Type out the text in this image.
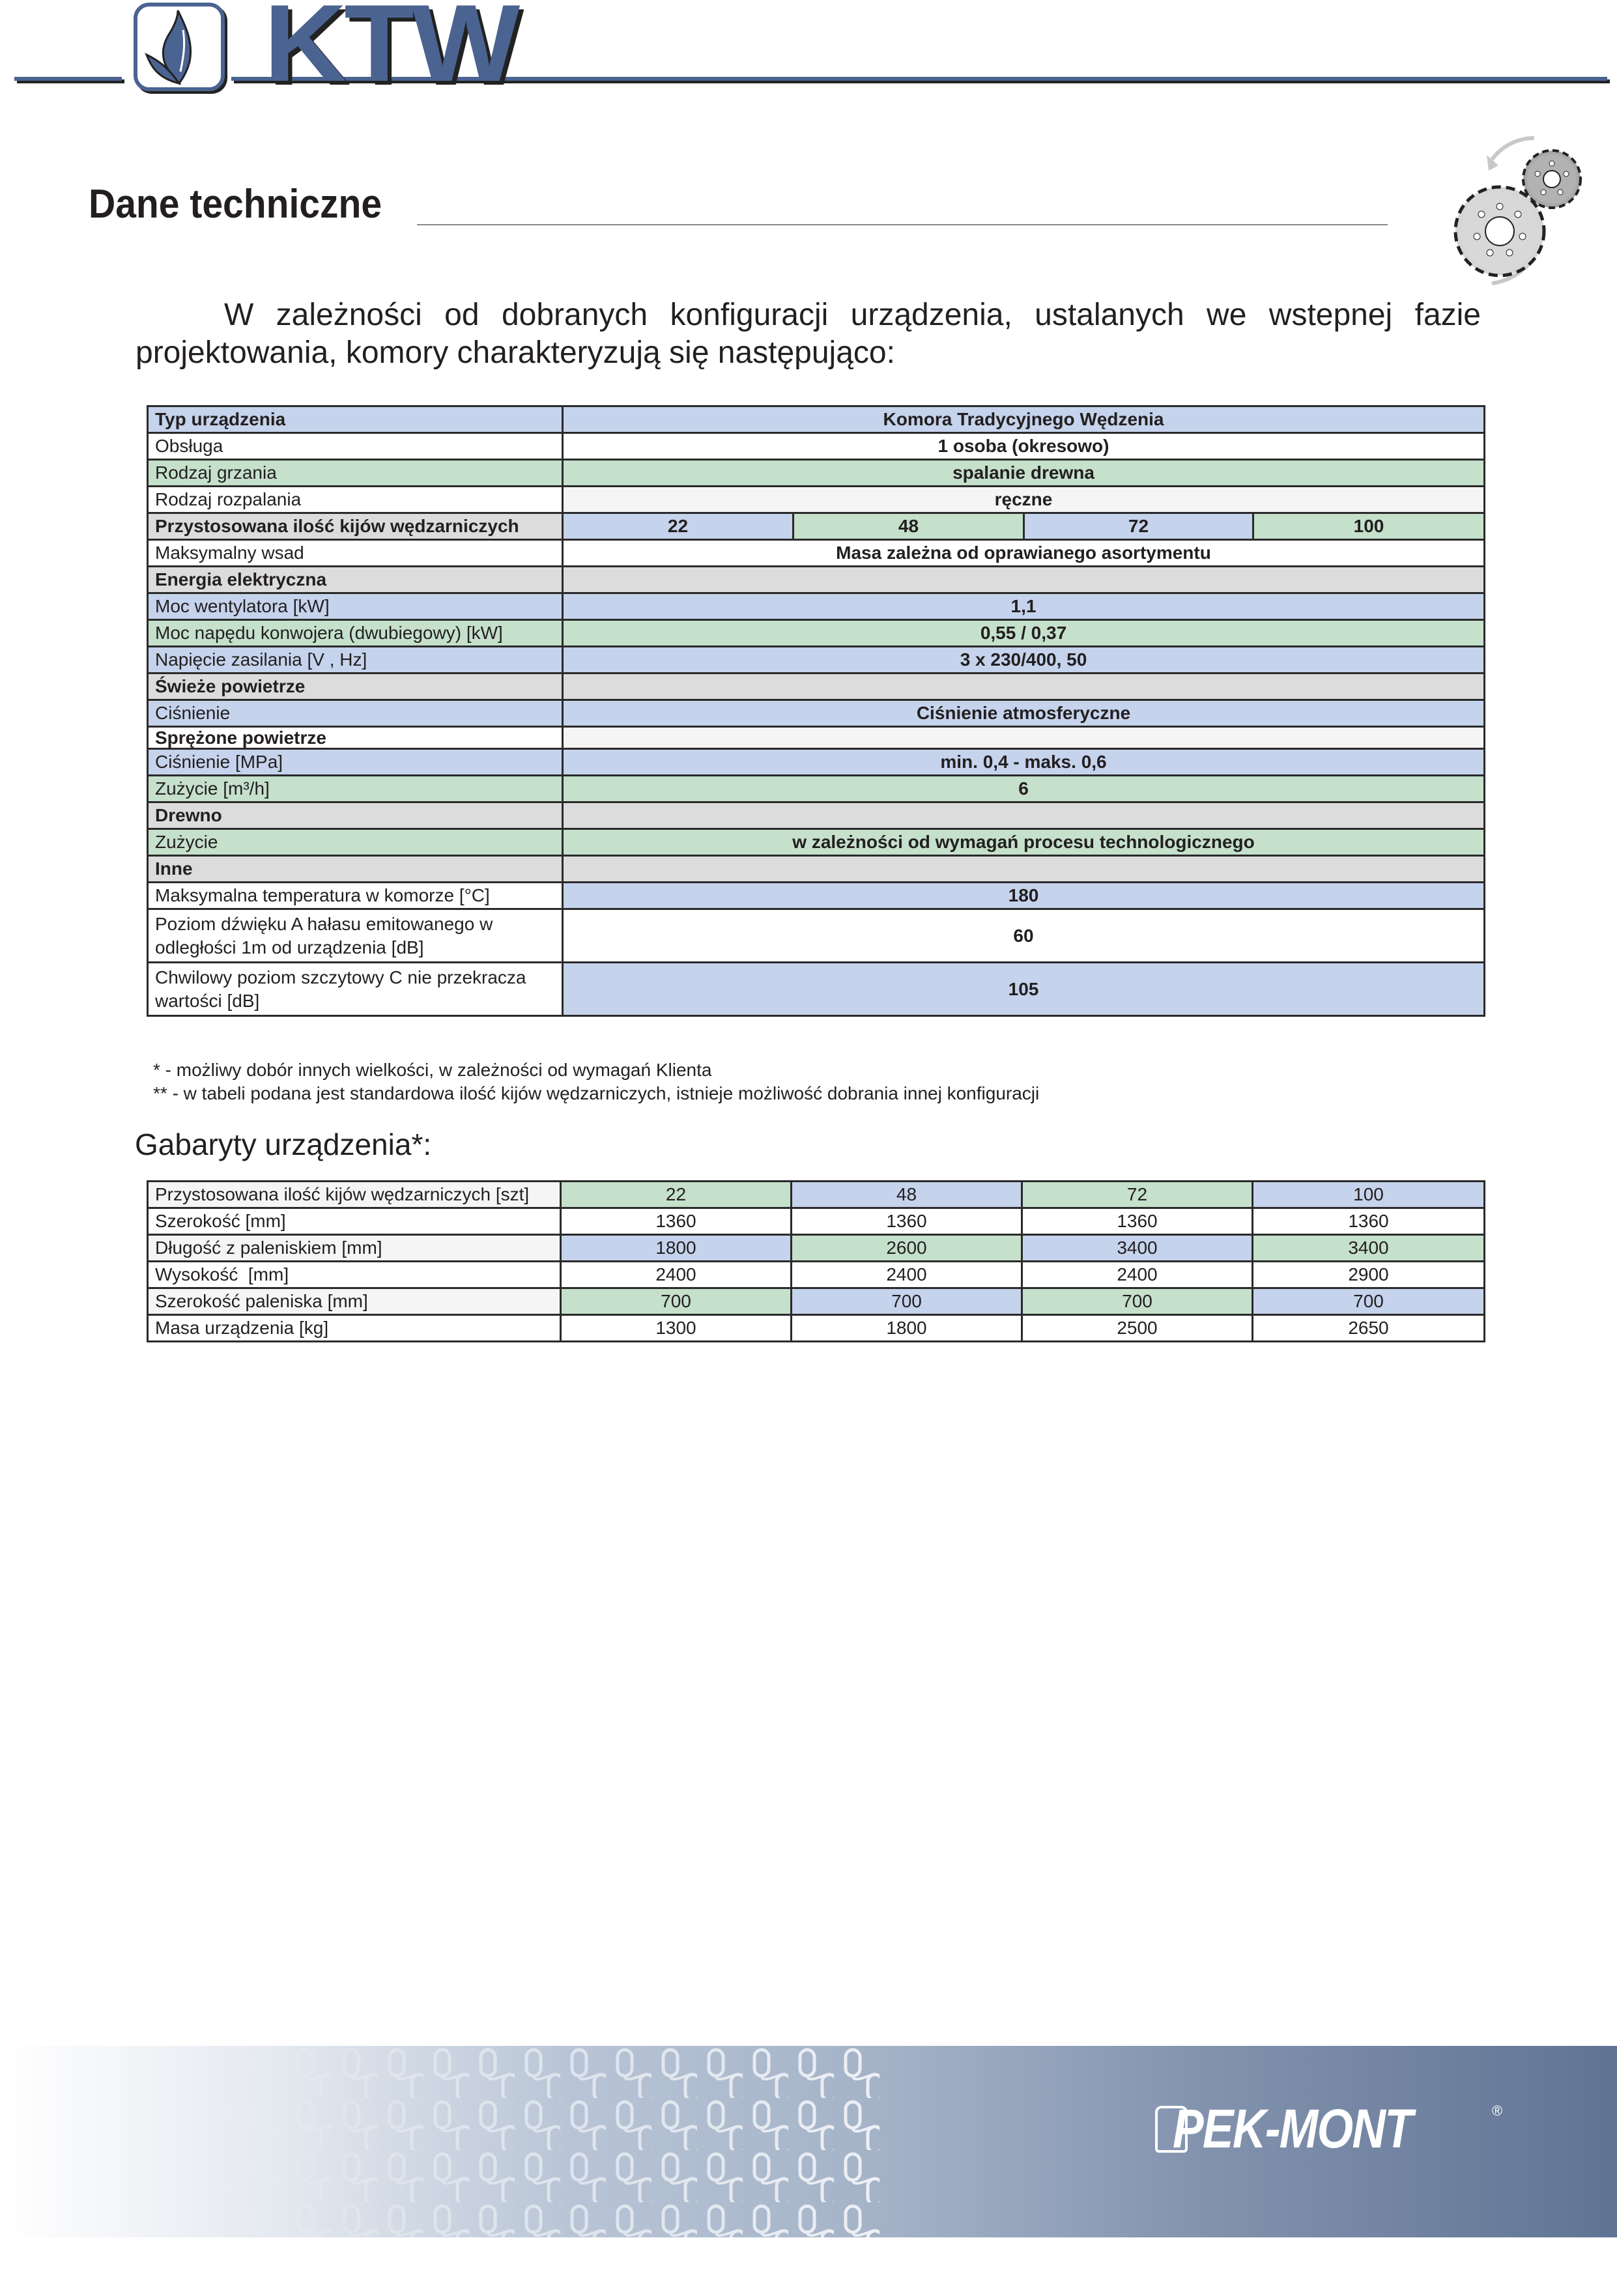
KTW
Dane techniczne
W zależności od dobranych konfiguracji urządzenia, ustalanych we wstepnej fazie
projektowania, komory charakteryzują się następująco:
Typ urządzenia	Komora Tradycyjnego Wędzenia			
Obsługa	1 osoba (okresowo)			
Rodzaj grzania	spalanie drewna			
Rodzaj rozpalania	ręczne			
Przystosowana ilość kijów wędzarniczych	22	48	72	100
Maksymalny wsad	Masa zależna od oprawianego asortymentu			
Energia elektryczna				
Moc wentylatora [kW]	1,1			
Moc napędu konwojera (dwubiegowy) [kW]	0,55 / 0,37			
Napięcie zasilania [V , Hz]	3 x 230/400, 50			
Świeże powietrze				
Ciśnienie	Ciśnienie atmosferyczne			
Sprężone powietrze				
Ciśnienie [MPa]	min. 0,4 - maks. 0,6			
Zużycie [m³/h]	6			
Drewno				
Zużycie	w zależności od wymagań procesu technologicznego			
Inne				
Maksymalna temperatura w komorze [°C]	180			
Poziom dźwięku A hałasu emitowanego w odległości 1m od urządzenia [dB]	60			
Chwilowy poziom szczytowy C nie przekracza wartości [dB]	105			
* - możliwy dobór innych wielkości, w zależności od wymagań Klienta
** - w tabeli podana jest standardowa ilość kijów wędzarniczych, istnieje możliwość dobrania innej konfiguracji
Gabaryty urządzenia*:
Przystosowana ilość kijów wędzarniczych [szt]	22	48	72	100
Szerokość [mm]	1360	1360	1360	1360
Długość z paleniskiem [mm]	1800	2600	3400	3400
Wysokość  [mm]	2400	2400	2400	2900
Szerokość paleniska [mm]	700	700	700	700
Masa urządzenia [kg]	1300	1800	2500	2650
PEK-MONT	®
